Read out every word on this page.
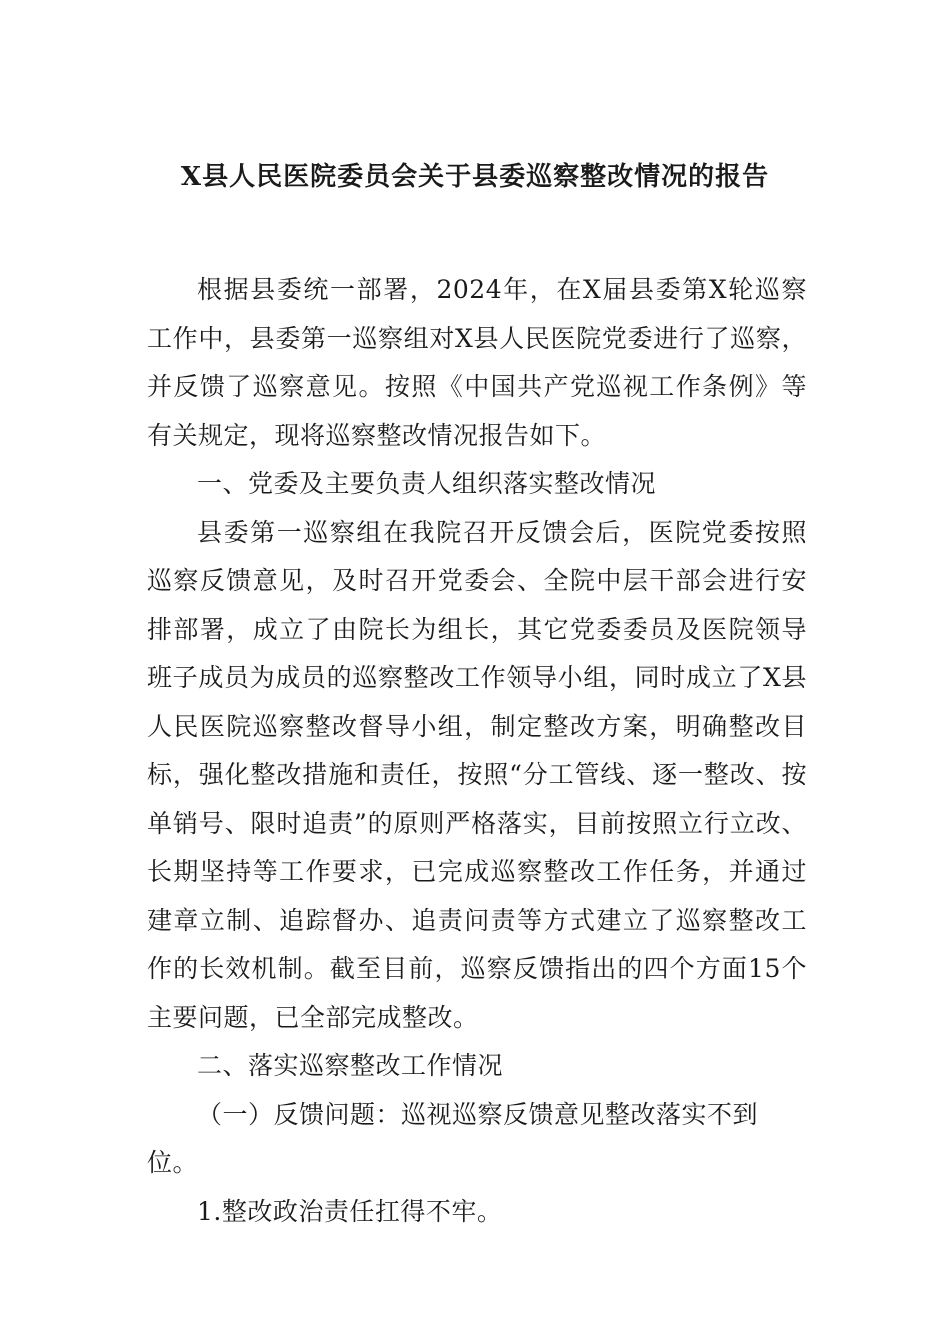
X县人民医院委员会关于县委巡察整改情况的报告

根据县委统一部署，2024年，在X届县委第X轮巡察工作中，县委第一巡察组对X县人民医院党委进行了巡察，并反馈了巡察意见。按照《中国共产党巡视工作条例》等有关规定，现将巡察整改情况报告如下。

一、党委及主要负责人组织落实整改情况

县委第一巡察组在我院召开反馈会后，医院党委按照巡察反馈意见，及时召开党委会、全院中层干部会进行安排部署，成立了由院长为组长，其它党委委员及医院领导班子成员为成员的巡察整改工作领导小组，同时成立了X县人民医院巡察整改督导小组，制定整改方案，明确整改目标，强化整改措施和责任，按照“分工管线、逐一整改、按单销号、限时追责”的原则严格落实，目前按照立行立改、长期坚持等工作要求，已完成巡察整改工作任务，并通过建章立制、追踪督办、追责问责等方式建立了巡察整改工作的长效机制。截至目前，巡察反馈指出的四个方面15个主要问题，已全部完成整改。

二、落实巡察整改工作情况

（一）反馈问题：巡视巡察反馈意见整改落实不到位。

1.整改政治责任扛得不牢。
